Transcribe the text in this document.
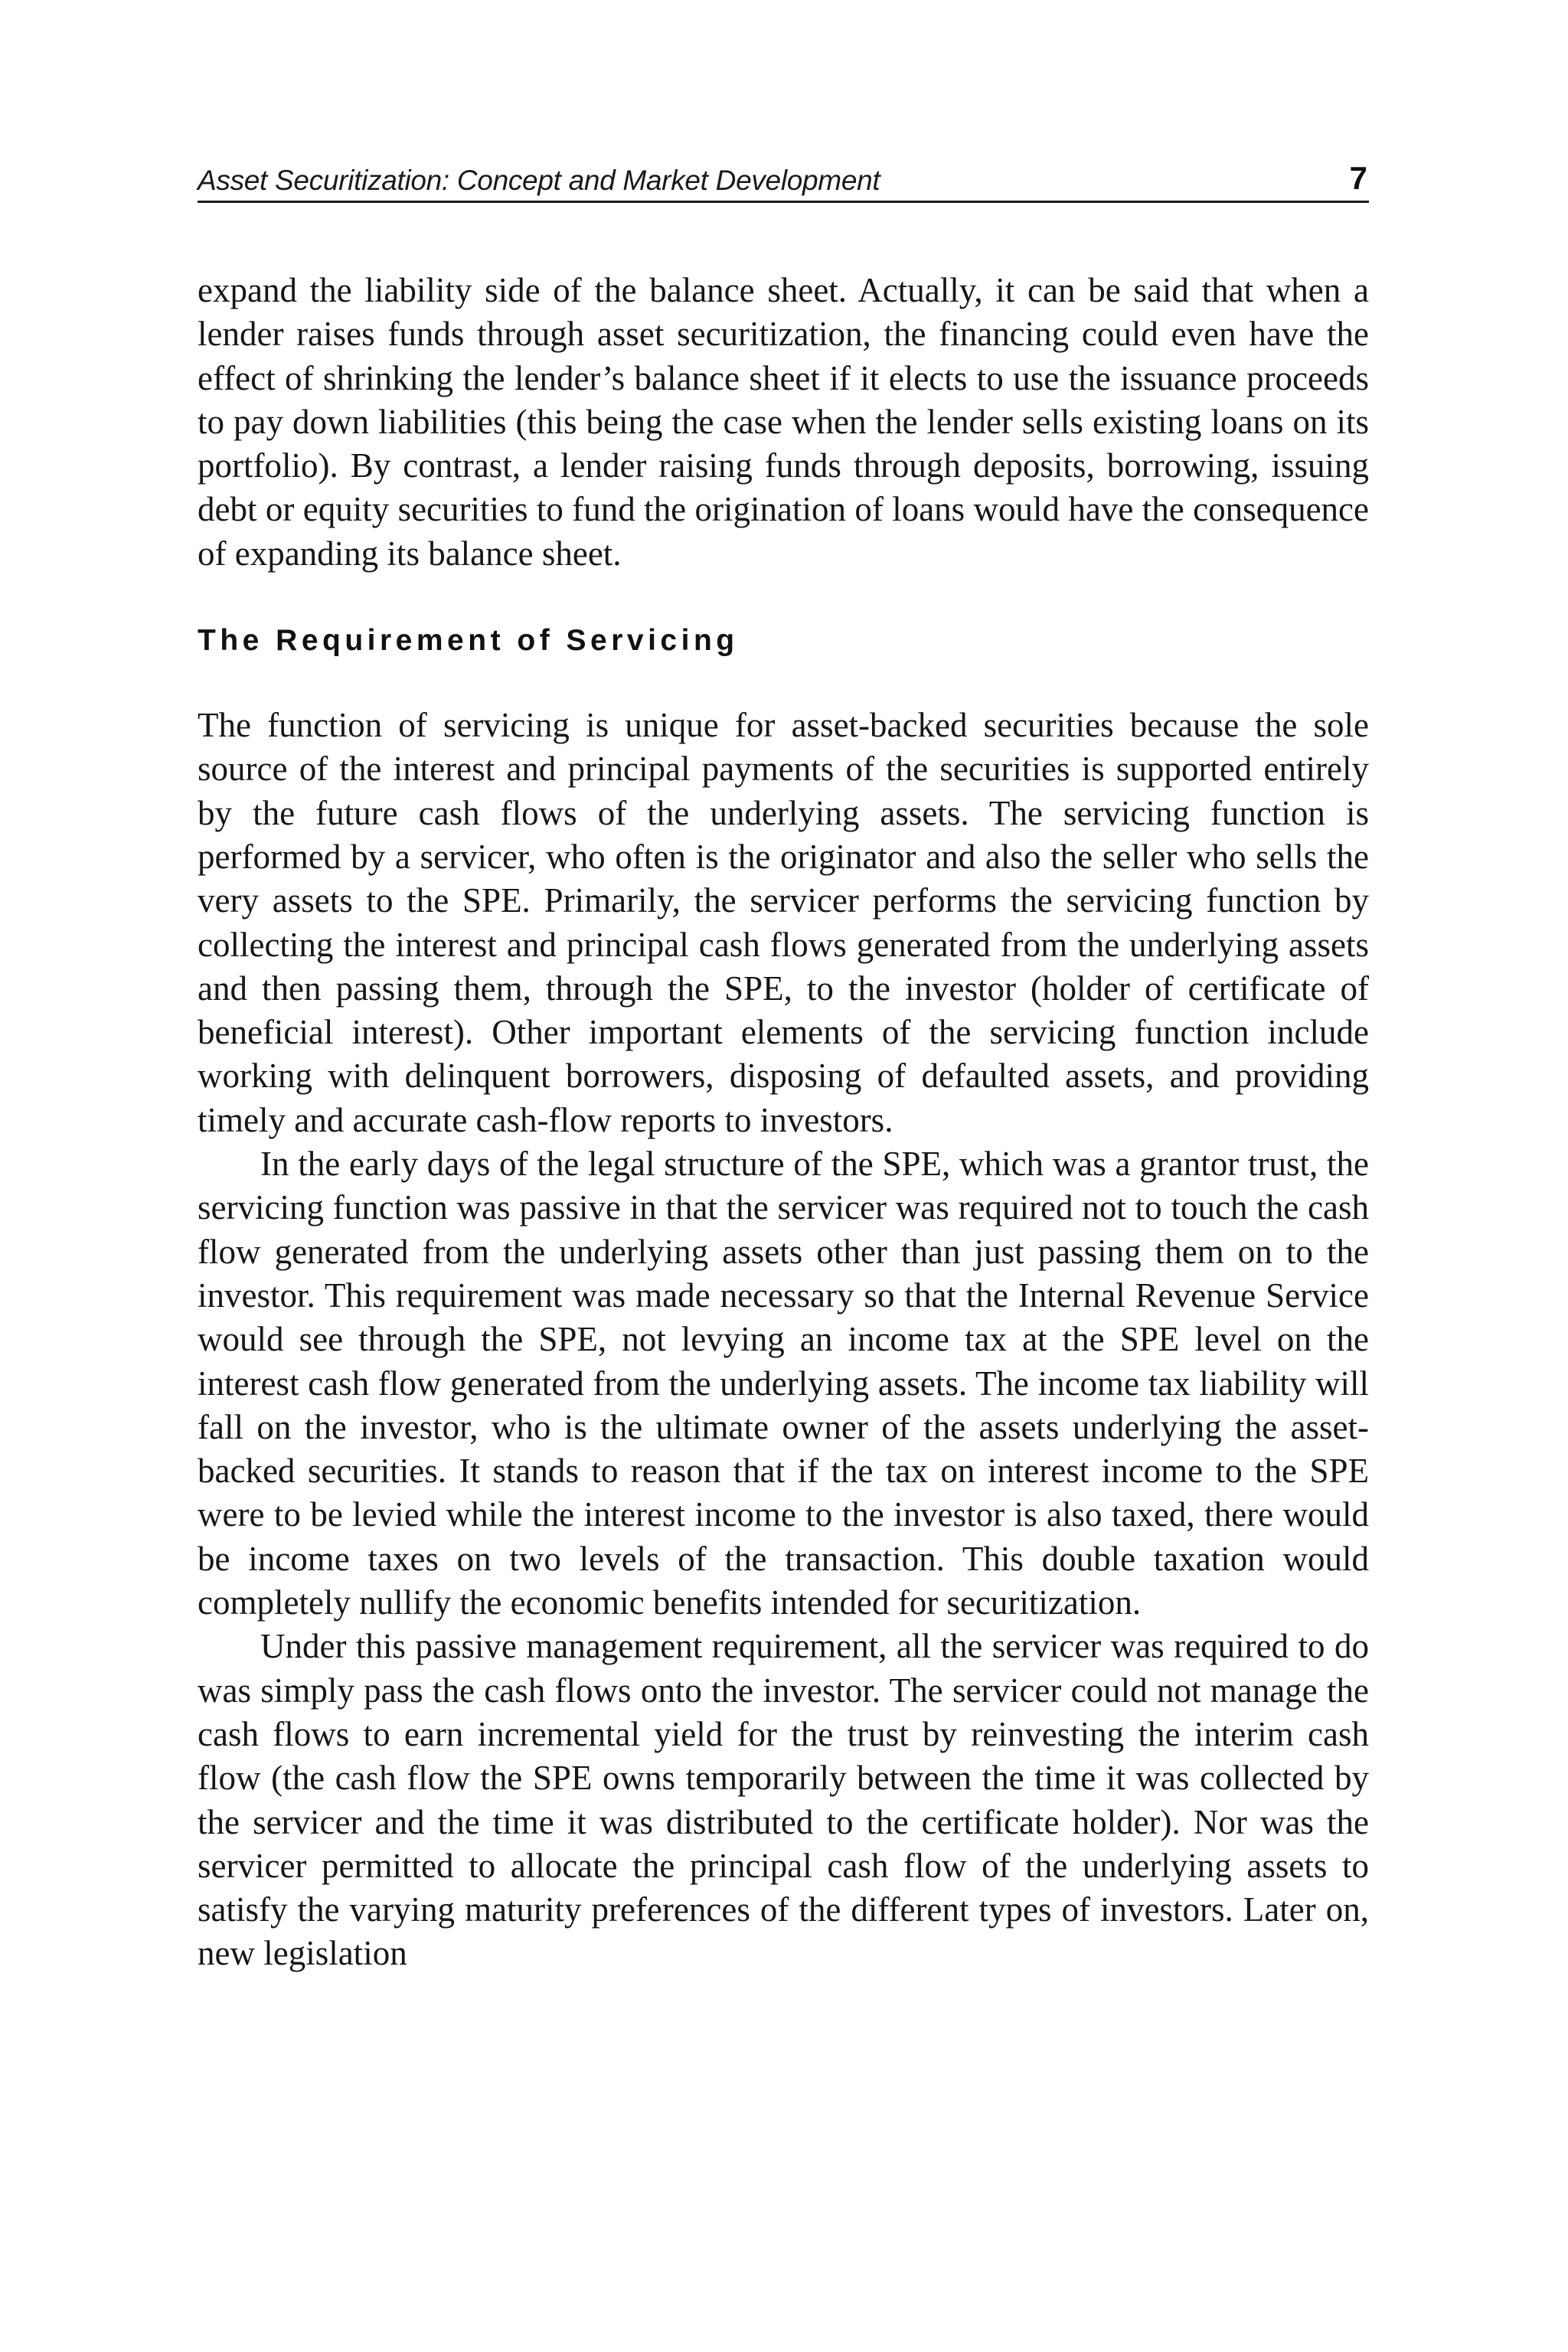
Asset Securitization: Concept and Market Development	7

expand the liability side of the balance sheet. Actually, it can be said that when a lender raises funds through asset securitization, the financing could even have the effect of shrinking the lender’s balance sheet if it elects to use the issuance proceeds to pay down liabilities (this being the case when the lender sells existing loans on its portfolio). By contrast, a lender raising funds through deposits, borrowing, issuing debt or equity securities to fund the origination of loans would have the consequence of expanding its balance sheet.

The Requirement of Servicing

The function of servicing is unique for asset-backed securities because the sole source of the interest and principal payments of the securities is supported entirely by the future cash flows of the underlying assets. The servicing function is performed by a servicer, who often is the originator and also the seller who sells the very assets to the SPE. Primarily, the servicer performs the servicing function by collecting the interest and principal cash flows generated from the underlying assets and then passing them, through the SPE, to the investor (holder of certificate of beneficial interest). Other important elements of the servicing function include working with delinquent borrowers, disposing of defaulted assets, and providing timely and accurate cash-flow reports to investors.

In the early days of the legal structure of the SPE, which was a grantor trust, the servicing function was passive in that the servicer was required not to touch the cash flow generated from the underlying assets other than just passing them on to the investor. This requirement was made necessary so that the Internal Revenue Service would see through the SPE, not levying an income tax at the SPE level on the interest cash flow generated from the underlying assets. The income tax liability will fall on the investor, who is the ultimate owner of the assets underlying the asset-backed securities. It stands to reason that if the tax on interest income to the SPE were to be levied while the interest income to the investor is also taxed, there would be income taxes on two levels of the transaction. This double taxation would completely nullify the economic benefits intended for securitization.

Under this passive management requirement, all the servicer was required to do was simply pass the cash flows onto the investor. The servicer could not manage the cash flows to earn incremental yield for the trust by reinvesting the interim cash flow (the cash flow the SPE owns temporarily between the time it was collected by the servicer and the time it was distributed to the certificate holder). Nor was the servicer permitted to allocate the principal cash flow of the underlying assets to satisfy the varying maturity preferences of the different types of investors. Later on, new legislation
